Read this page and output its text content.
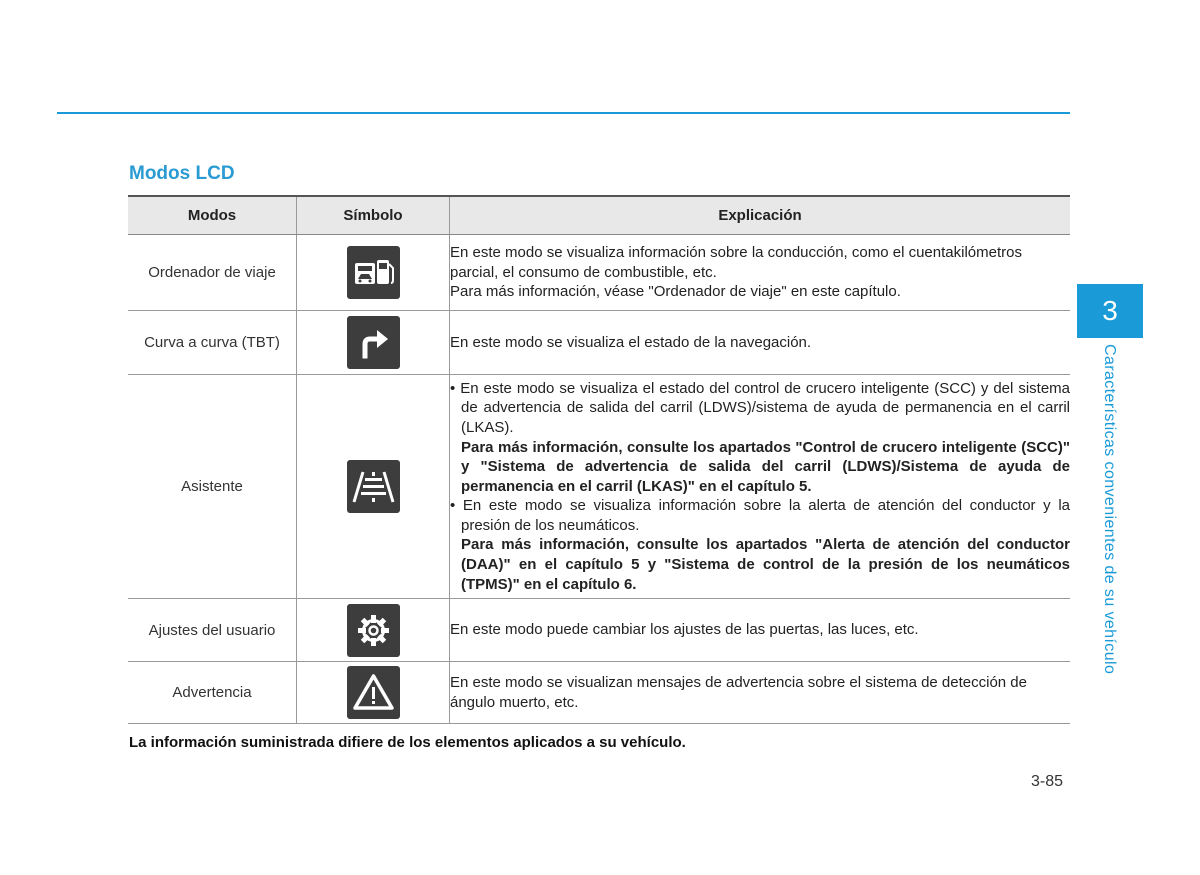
Modos LCD
Modos	Símbolo	Explicación
Ordenador de viaje		En este modo se visualiza información sobre la conducción, como el cuentakilómetros parcial, el consumo de combustible, etc.
Para más información, véase "Ordenador de viaje" en este capítulo.

Curva a curva (TBT)		En este modo se visualiza el estado de la navegación.

Asistente		• En este modo se visualiza el estado del control de crucero inteligente (SCC) y del sistema de advertencia de salida del carril (LDWS)/sistema de ayuda de permanencia en el carril (LKAS).
Para más información, consulte los apartados "Control de crucero inteligente (SCC)" y "Sistema de advertencia de salida del carril (LDWS)/Sistema de ayuda de permanencia en el carril (LKAS)" en el capítulo 5.
• En este modo se visualiza información sobre la alerta de atención del conductor y la presión de los neumáticos.
Para más información, consulte los apartados "Alerta de atención del conductor (DAA)" en el capítulo 5 y "Sistema de control de la presión de los neumáticos (TPMS)" en el capítulo 6.

Ajustes del usuario		En este modo puede cambiar los ajustes de las puertas, las luces, etc.

Advertencia		En este modo se visualizan mensajes de advertencia sobre el sistema de detección de ángulo muerto, etc.
La información suministrada difiere de los elementos aplicados a su vehículo.
3-85
3
Características convenientes de su vehículo
